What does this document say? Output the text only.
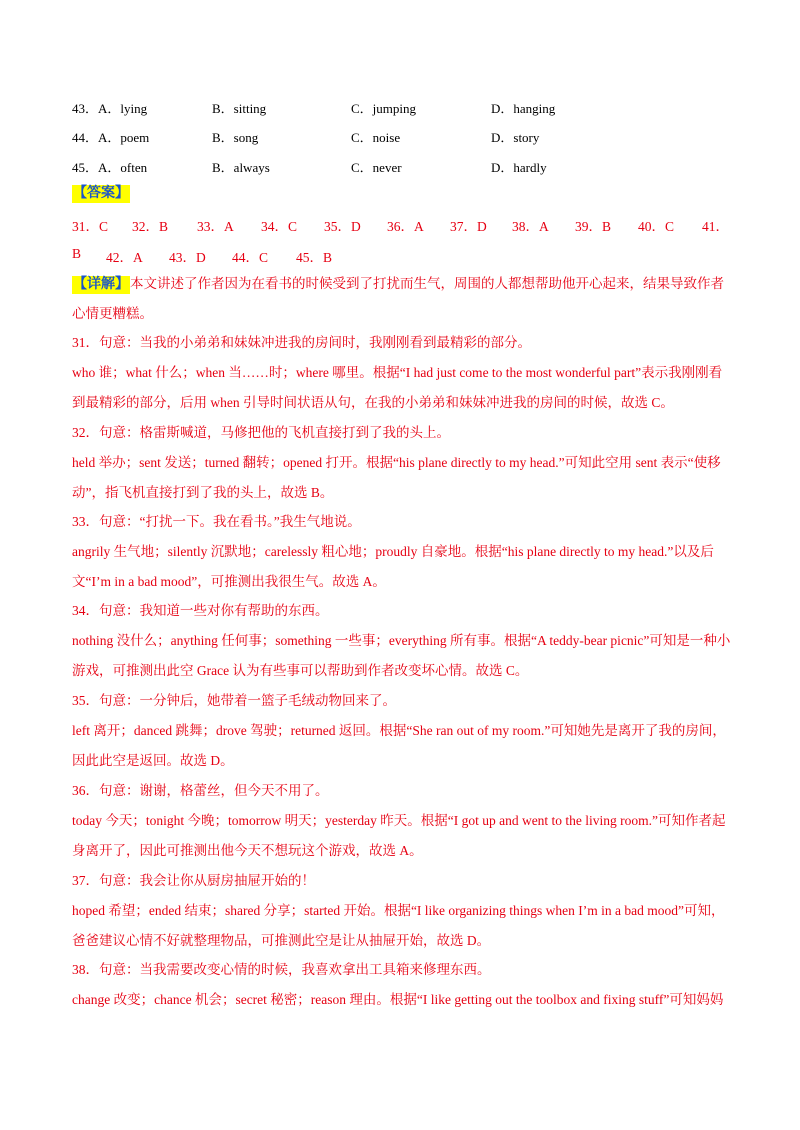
43． A．lying	B．sitting	C．jumping	D．hanging
44． A．poem	B．song	C．noise	D．story
45． A．often	B．always	C．never	D．hardly
【答案】
31．C 32．B 33．A 34．C 35．D 36．A 37．D 38．A 39．B 40．C 41．
B 42．A 43．D 44．C 45．B

【详解】本文讲述了作者因为在看书的时候受到了打扰而生气，周围的人都想帮助他开心起来，结果导致作者心情更糟糕。

31．句意：当我的小弟弟和妹妹冲进我的房间时，我刚刚看到最精彩的部分。

who 谁；what 什么；when 当……时；where 哪里。根据“I had just come to the most wonderful part”表示我刚刚看到最精彩的部分，后用 when 引导时间状语从句，在我的小弟弟和妹妹冲进我的房间的时候，故选 C。

32．句意：格雷斯喊道，马修把他的飞机直接打到了我的头上。

held 举办；sent 发送；turned 翻转；opened 打开。根据“his plane directly to my head.”可知此空用 sent 表示“使移动”，指飞机直接打到了我的头上，故选 B。

33．句意：“打扰一下。我在看书。”我生气地说。

angrily 生气地；silently 沉默地；carelessly 粗心地；proudly 自豪地。根据“his plane directly to my head.”以及后文“I’m in a bad mood”，可推测出我很生气。故选 A。

34．句意：我知道一些对你有帮助的东西。

nothing 没什么；anything 任何事；something 一些事；everything 所有事。根据“A teddy-bear picnic”可知是一种小游戏，可推测出此空 Grace 认为有些事可以帮助到作者改变坏心情。故选 C。

35．句意：一分钟后，她带着一篮子毛绒动物回来了。

left 离开；danced 跳舞；drove 驾驶；returned 返回。根据“She ran out of my room.”可知她先是离开了我的房间，因此此空是返回。故选 D。

36．句意：谢谢，格蕾丝，但今天不用了。

today 今天；tonight 今晚；tomorrow 明天；yesterday 昨天。根据“I got up and went to the living room.”可知作者起身离开了，因此可推测出他今天不想玩这个游戏，故选 A。

37．句意：我会让你从厨房抽屉开始的！

hoped 希望；ended 结束；shared 分享；started 开始。根据“I like organizing things when I’m in a bad mood”可知，爸爸建议心情不好就整理物品，可推测此空是让从抽屉开始，故选 D。

38．句意：当我需要改变心情的时候，我喜欢拿出工具箱来修理东西。

change 改变；chance 机会；secret 秘密；reason 理由。根据“I like getting out the toolbox and fixing stuff”可知妈妈
